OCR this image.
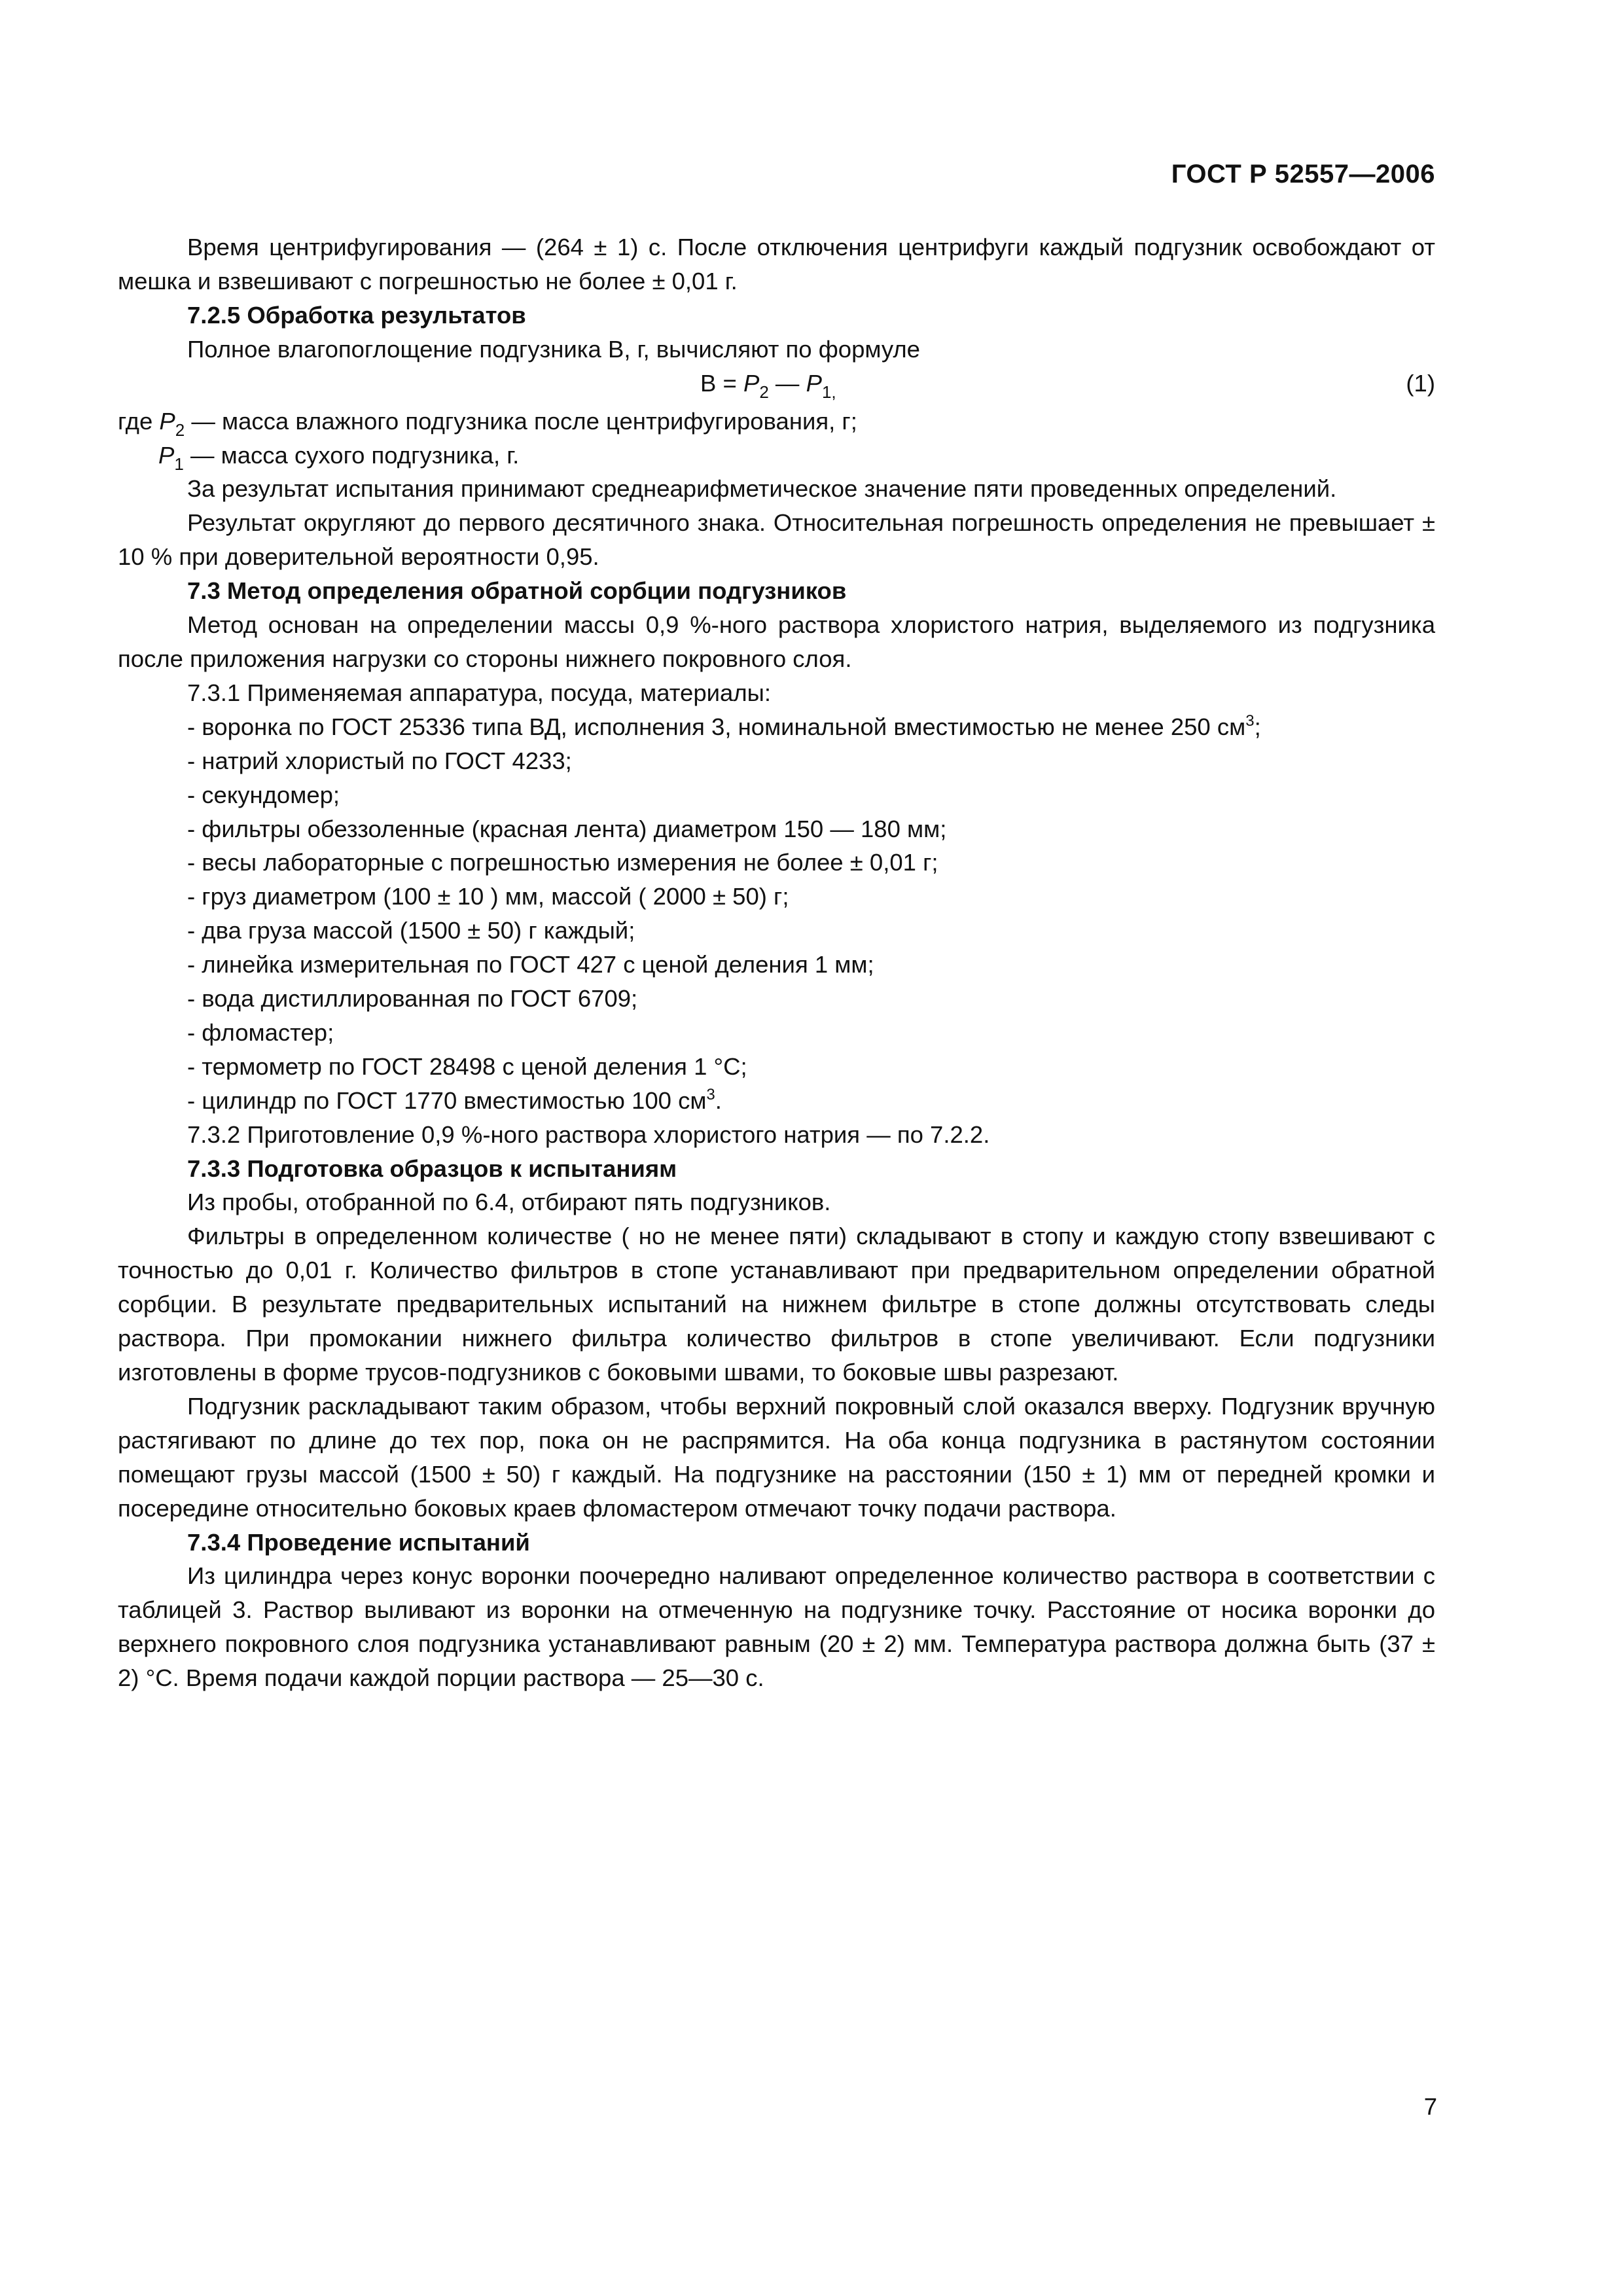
ГОСТ Р 52557—2006

Время центрифугирования — (264 ± 1) с. После отключения центрифуги каждый подгузник освобождают от мешка и взвешивают с погрешностью не более ± 0,01 г.

7.2.5 Обработка результатов

Полное влагопоглощение подгузника B, г, вычисляют по формуле

$B = P_2$ — $P_{1,}$	(1)

где $P_2$ — масса влажного подгузника после центрифугирования, г;

$P_1$ — масса сухого подгузника, г.

За результат испытания принимают среднеарифметическое значение пяти проведенных определений.

Результат округляют до первого десятичного знака. Относительная погрешность определения не превышает ± 10 % при доверительной вероятности 0,95.

7.3 Метод определения обратной сорбции подгузников

Метод основан на определении массы 0,9 %-ного раствора хлористого натрия, выделяемого из подгузника после приложения нагрузки со стороны нижнего покровного слоя.

7.3.1 Применяемая аппаратура, посуда, материалы:

- воронка по ГОСТ 25336 типа ВД, исполнения 3, номинальной вместимостью не менее 250 $см^3$;

- натрий хлористый по ГОСТ 4233;

- секундомер;

- фильтры обеззоленные (красная лента) диаметром 150 — 180 мм;

- весы лабораторные с погрешностью измерения не более ± 0,01 г;

- груз диаметром (100 ± 10 ) мм, массой ( 2000 ± 50) г;

- два груза массой (1500 ± 50) г каждый;

- линейка измерительная по ГОСТ 427 с ценой деления 1 мм;

- вода дистиллированная по ГОСТ 6709;

- фломастер;

- термометр по ГОСТ 28498 с ценой деления 1 °С;

- цилиндр по ГОСТ 1770 вместимостью 100 $см^3$.

7.3.2 Приготовление 0,9 %-ного раствора хлористого натрия — по 7.2.2.

7.3.3 Подготовка образцов к испытаниям

Из пробы, отобранной по 6.4, отбирают пять подгузников.

Фильтры в определенном количестве ( но не менее пяти) складывают в стопу и каждую стопу взвешивают с точностью до 0,01 г. Количество фильтров в стопе устанавливают при предварительном определении обратной сорбции. В результате предварительных испытаний на нижнем фильтре в стопе должны отсутствовать следы раствора. При промокании нижнего фильтра количество фильтров в стопе увеличивают. Если подгузники изготовлены в форме трусов-подгузников с боковыми швами, то боковые швы разрезают.

Подгузник раскладывают таким образом, чтобы верхний покровный слой оказался вверху. Подгузник вручную растягивают по длине до тех пор, пока он не распрямится. На оба конца подгузника в растянутом состоянии помещают грузы массой (1500 ± 50) г каждый. На подгузнике на расстоянии (150 ± 1) мм от передней кромки и посередине относительно боковых краев фломастером отмечают точку подачи раствора.

7.3.4 Проведение испытаний

Из цилиндра через конус воронки поочередно наливают определенное количество раствора в соответствии с таблицей 3. Раствор выливают из воронки на отмеченную на подгузнике точку. Расстояние от носика воронки до верхнего покровного слоя подгузника устанавливают равным (20 ± 2) мм. Температура раствора должна быть (37 ± 2) °С. Время подачи каждой порции раствора — 25—30 с.

7
